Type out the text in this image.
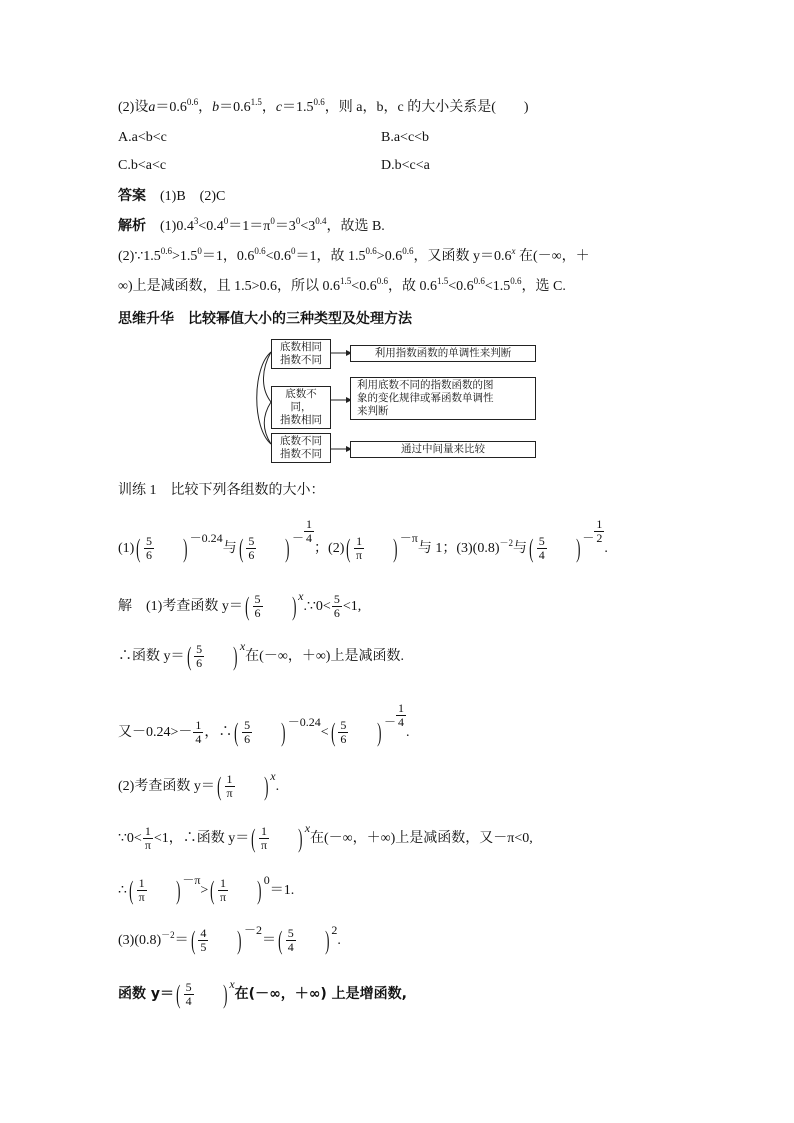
(2)设$a=0.6^{0.6}$，$b=0.6^{1.5}$，$c=1.5^{0.6}$，则 a，b，c 的大小关系是(　　)
A.a<b<c	B.a<c<b
C.b<a<c	D.b<c<a
答案　 (1)B　(2)C
解析　 $(1)0.4^3<0.4^0=1=\pi^0=3^0<3^{0.4}$，故选 B.
$(2)\because 1.5^{0.6}>1.5^0=1$，$0.6^{0.6}<0.6^0=1$，故 $1.5^{0.6}>0.6^{0.6}$，又函数 $y=0.6^x$ 在(－∞，＋
∞)上是减函数，且 1.5>0.6，所以 $0.6^{1.5}<0.6^{0.6}$，故 $0.6^{1.5}<0.6^{0.6}<1.5^{0.6}$，选 C.
思维升华　比较幂值大小的三种类型及处理方法
底数相同
指数不同
利用指数函数的单调性来判断
底数不同，
指数相同
利用底数不同的指数函数的图
象的变化规律或幂函数单调性
来判断
底数不同
指数不同	通过中间量来比较
训练 1　比较下列各组数的大小：
$(1)( \frac{5}{6}$ ) －0.24与( $\frac{5}{6}$ ) － $\frac{1}{4}$
；$(2)( \frac{1}{\pi}$ ) －π与 1；$(3)(0.8)^{-2}$与( $\frac{5}{4}$ ) － $\frac{1}{2}$
.
解　(1)考查函数 $y=( \frac{5}{6}$ ) x.∵0< $\frac{5}{6} <1$,
∴函数 $y=( \frac{5}{6}$ ) x在(－∞，＋∞)上是减函数.
又$-0.24>- \frac{1}{4}$ ，∴( $\frac{5}{6}$ ) $-0.24<( \frac{5}{6}$ ) － $\frac{1}{4}$
.
(2)考查函数 $y=( \frac{1}{\pi}$ ) x.
∵0< $\frac{1}{\pi} <1$，∴函数 $y=( \frac{1}{\pi}$ ) x在(－∞，＋∞)上是减函数，又－π<0,
∴( $\frac{1}{\pi}$ ) $-\pi>( \frac{1}{\pi}$ ) 0＝1.
$(3)(0.8)^{-2}=( \frac{4}{5}$ ) $-2=( \frac{5}{4}$ ) 2.
函数 $y=( \frac{5}{4}$ ) x在(－∞，＋∞) 上是增函数,
